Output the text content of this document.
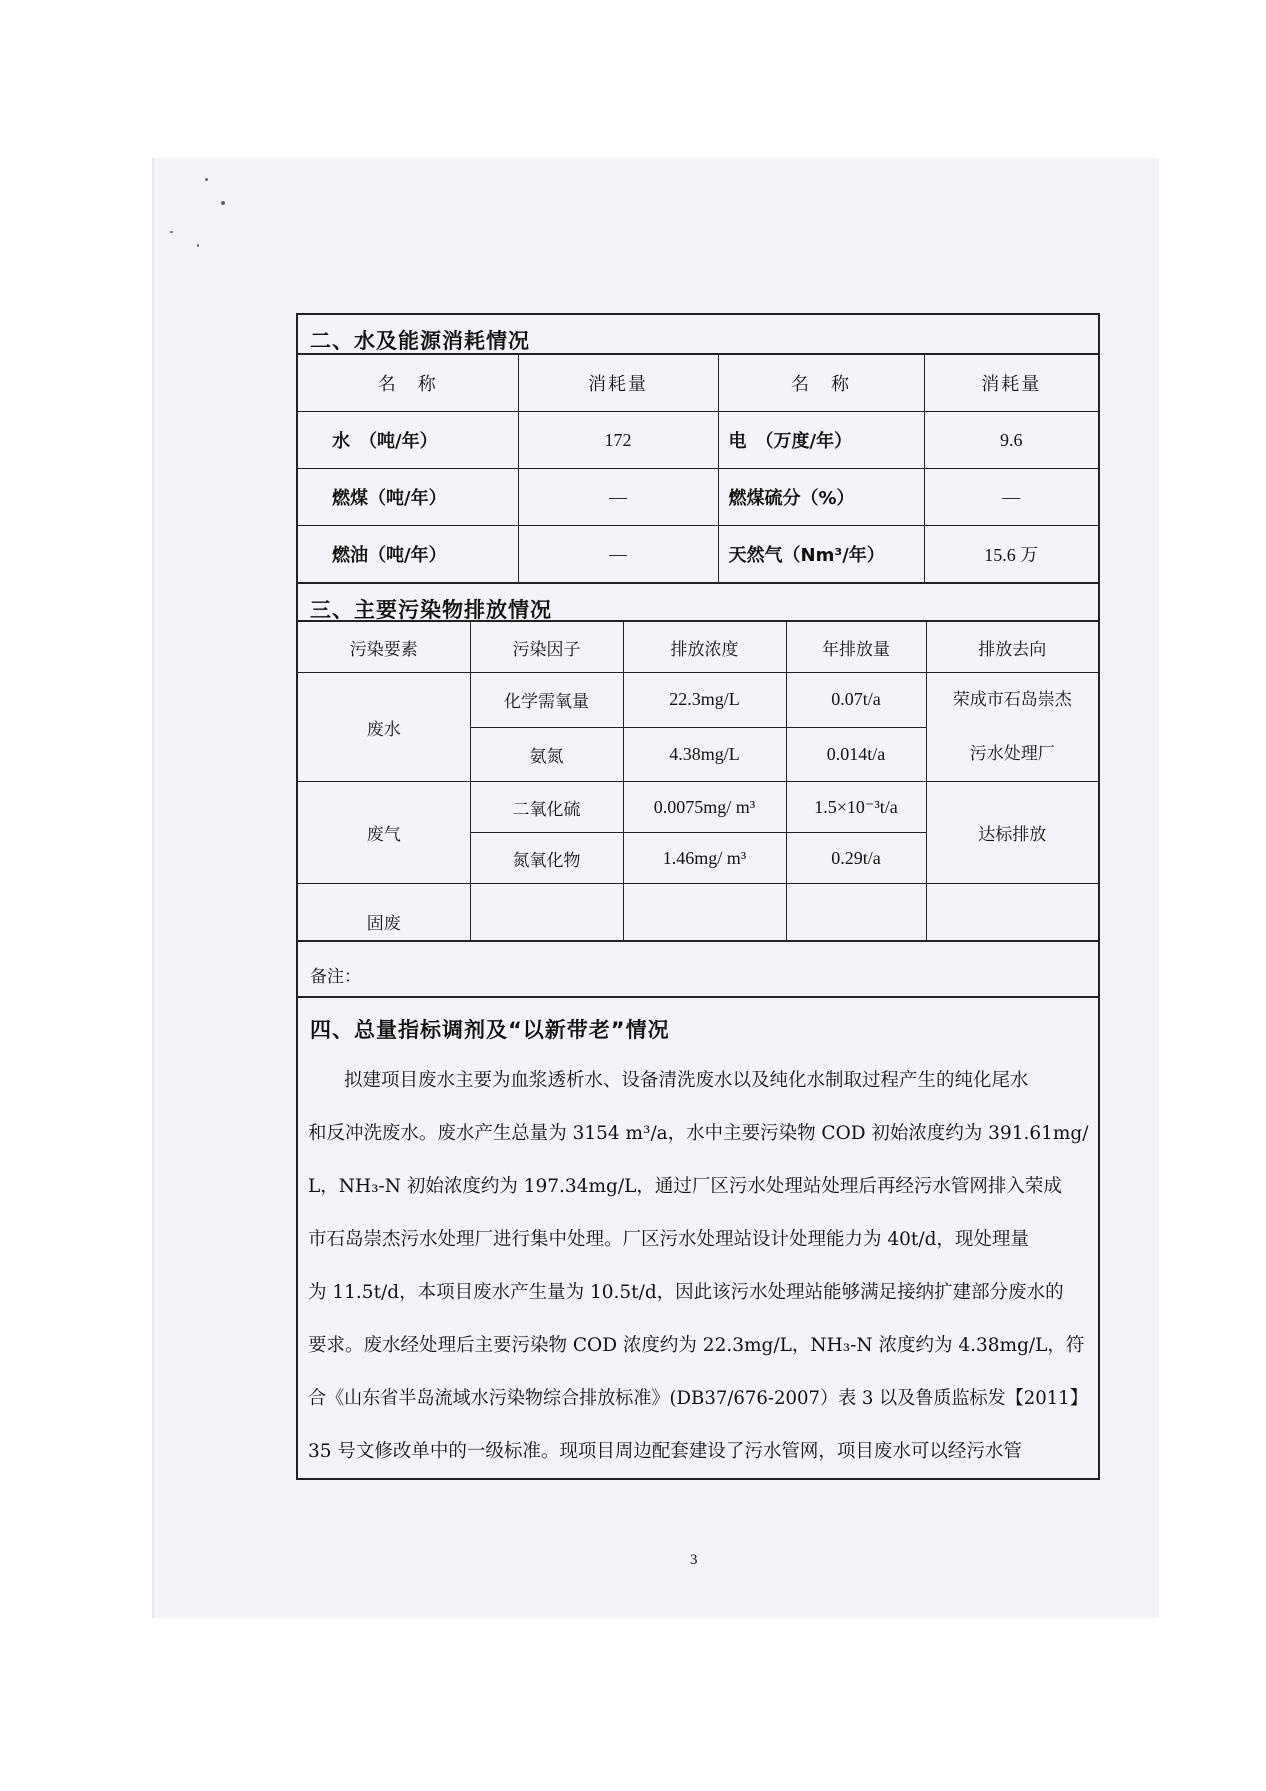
二、水及能源消耗情况
名　称	消耗量	名　称	消耗量
水　（吨/年）	172	电　（万度/年）	9.6
燃煤（吨/年）	—	燃煤硫分（%）	—
燃油（吨/年）	—	天然气（Nm³/年）	15.6 万
三、主要污染物排放情况
污染要素	污染因子	排放浓度	年排放量	排放去向
废水	化学需氧量	22.3mg/L	0.07t/a	荣成市石岛崇杰
污水处理厂
	氨氮	4.38mg/L	0.014t/a	
废气	二氧化硫	0.0075mg/ m³	1.5×10⁻³t/a	达标排放
	氮氧化物	1.46mg/ m³	0.29t/a	
固废				
备注：
四、总量指标调剂及“以新带老”情况
拟建项目废水主要为血浆透析水、设备清洗废水以及纯化水制取过程产生的纯化尾水
和反冲洗废水。废水产生总量为 3154 m³/a，水中主要污染物 COD 初始浓度约为 391.61mg/
L，NH₃-N 初始浓度约为 197.34mg/L，通过厂区污水处理站处理后再经污水管网排入荣成
市石岛崇杰污水处理厂进行集中处理。厂区污水处理站设计处理能力为 40t/d，现处理量
为 11.5t/d，本项目废水产生量为 10.5t/d，因此该污水处理站能够满足接纳扩建部分废水的
要求。废水经处理后主要污染物 COD 浓度约为 22.3mg/L，NH₃-N 浓度约为 4.38mg/L，符
合《山东省半岛流域水污染物综合排放标准》(DB37/676-2007）表 3 以及鲁质监标发【2011】
35 号文修改单中的一级标准。现项目周边配套建设了污水管网，项目废水可以经污水管
3
